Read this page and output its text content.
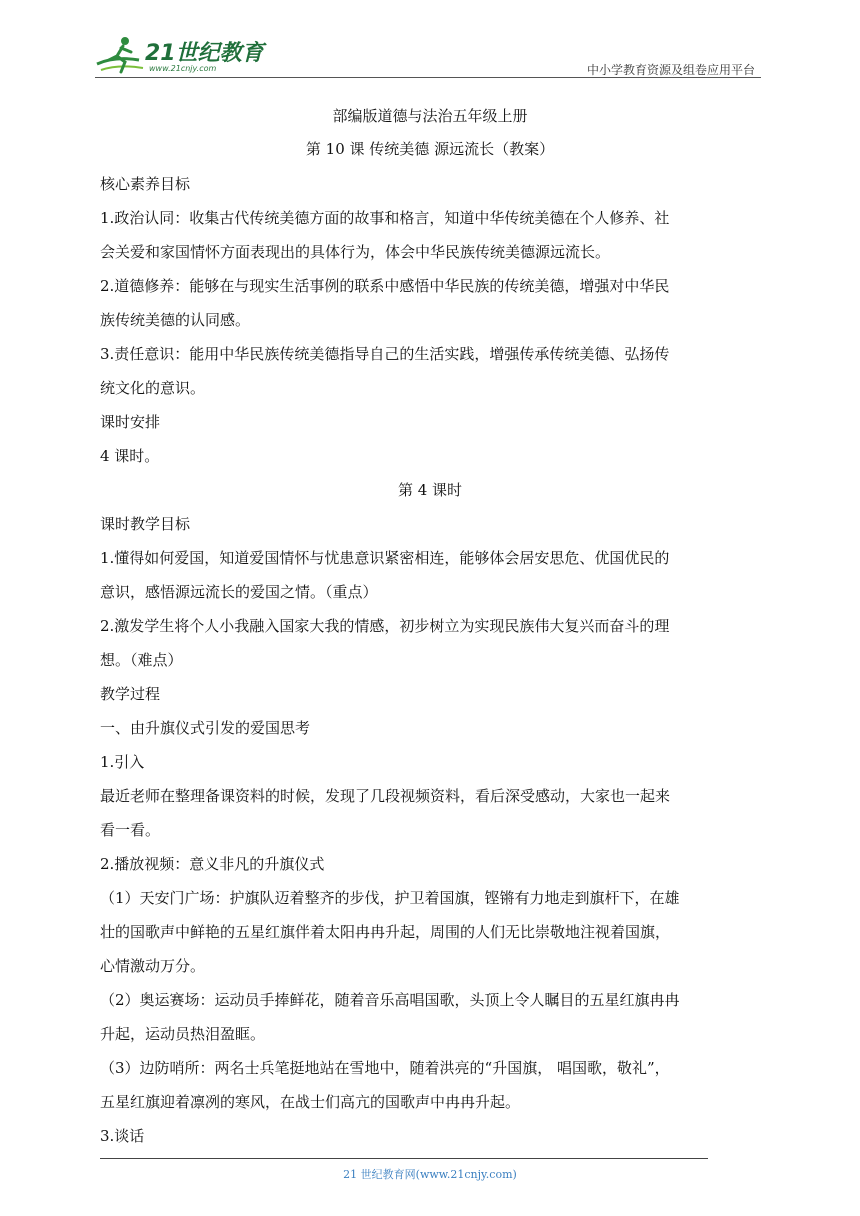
21世纪教育
www.21cnjy.com	中小学教育资源及组卷应用平台
部编版道德与法治五年级上册
第 10 课 传统美德 源远流长（教案）
核心素养目标
1.政治认同：收集古代传统美德方面的故事和格言，知道中华传统美德在个人修养、社
会关爱和家国情怀方面表现出的具体行为，体会中华民族传统美德源远流长。
2.道德修养：能够在与现实生活事例的联系中感悟中华民族的传统美德，增强对中华民
族传统美德的认同感。
3.责任意识：能用中华民族传统美德指导自己的生活实践，增强传承传统美德、弘扬传
统文化的意识。
课时安排
4 课时。
第 4 课时
课时教学目标
1.懂得如何爱国，知道爱国情怀与忧患意识紧密相连，能够体会居安思危、优国优民的
意识，感悟源远流长的爱国之情。（重点）
2.激发学生将个人小我融入国家大我的情感，初步树立为实现民族伟大复兴而奋斗的理
想。（难点）
教学过程
一、由升旗仪式引发的爱国思考
1.引入
最近老师在整理备课资料的时候，发现了几段视频资料，看后深受感动，大家也一起来
看一看。
2.播放视频：意义非凡的升旗仪式
（1）天安门广场：护旗队迈着整齐的步伐，护卫着国旗，铿锵有力地走到旗杆下，在雄
壮的国歌声中鲜艳的五星红旗伴着太阳冉冉升起，周围的人们无比崇敬地注视着国旗，
心情激动万分。
（2）奥运赛场：运动员手捧鲜花，随着音乐高唱国歌，头顶上令人瞩目的五星红旗冉冉
升起，运动员热泪盈眶。
（3）边防哨所：两名士兵笔挺地站在雪地中，随着洪亮的“升国旗， 唱国歌，敬礼”，
五星红旗迎着凛冽的寒风，在战士们高亢的国歌声中冉冉升起。
3.谈话
21 世纪教育网(www.21cnjy.com)
